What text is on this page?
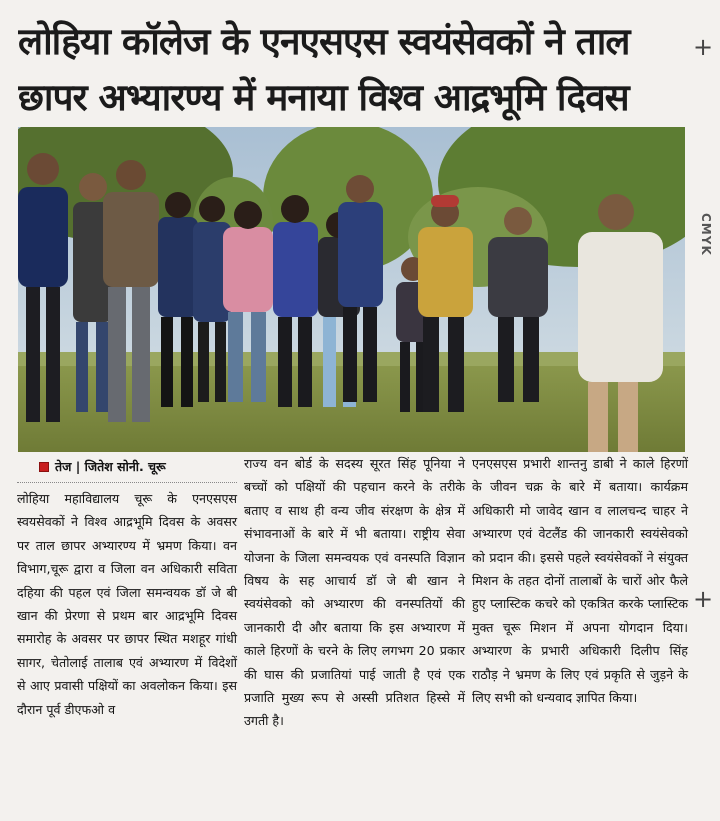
लोहिया कॉलेज के एनएसएस स्वयंसेवकों ने ताल
छापर अभ्यारण्य में मनाया विश्व आद्रभूमि दिवस
+
+
CMYK
तेज | जितेश सोनी. चूरू

लोहिया महाविद्यालय चूरू के एनएसएस स्वयसेवकों ने विश्व आद्रभूमि दिवस के अवसर पर ताल छापर अभ्यारण्य में भ्रमण किया। वन विभाग,चूरू द्वारा व जिला वन अधिकारी सविता दहिया की पहल एवं जिला समन्वयक डॉ जे बी खान की प्रेरणा से प्रथम बार आद्रभूमि दिवस समारोह के अवसर पर छापर स्थित मशहूर गांधी सागर, चेतोलाई तालाब एवं अभ्यारण में विदेशों से आए प्रवासी पक्षियों का अवलोकन किया। इस दौरान पूर्व डीएफओ व

राज्य वन बोर्ड के सदस्य सूरत सिंह पूनिया ने बच्चों को पक्षियों की पहचान करने के तरीके बताए व साथ ही वन्य जीव संरक्षण के क्षेत्र में संभावनाओं के बारे में भी बताया। राष्ट्रीय सेवा योजना के जिला समन्वयक एवं वनस्पति विज्ञान विषय के सह आचार्य डॉ जे बी खान ने स्वयंसेवको को अभ्यारण की वनस्पतियों की जानकारी दी और बताया कि इस अभ्यारण में काले हिरणों के चरने के लिए लगभग 20 प्रकार की घास की प्रजातियां पाई जाती है एवं एक प्रजाति मुख्य रूप से अस्सी प्रतिशत हिस्से में उगती है।

एनएसएस प्रभारी शान्तनु डाबी ने काले हिरणों के जीवन चक्र के बारे में बताया। कार्यक्रम अधिकारी मो जावेद खान व लालचन्द चाहर ने अभ्यारण एवं वेटलैंड की जानकारी स्वयंसेवको को प्रदान की। इससे पहले स्वयंसेवकों ने संयुक्त मिशन के तहत दोनों तालाबों के चारों ओर फैले हुए प्लास्टिक कचरे को एकत्रित करके प्लास्टिक मुक्त चूरू मिशन में अपना योगदान दिया। अभ्यारण के प्रभारी अधिकारी दिलीप सिंह राठौड़ ने भ्रमण के लिए एवं प्रकृति से जुड़ने के लिए सभी को धन्यवाद ज्ञापित किया।
